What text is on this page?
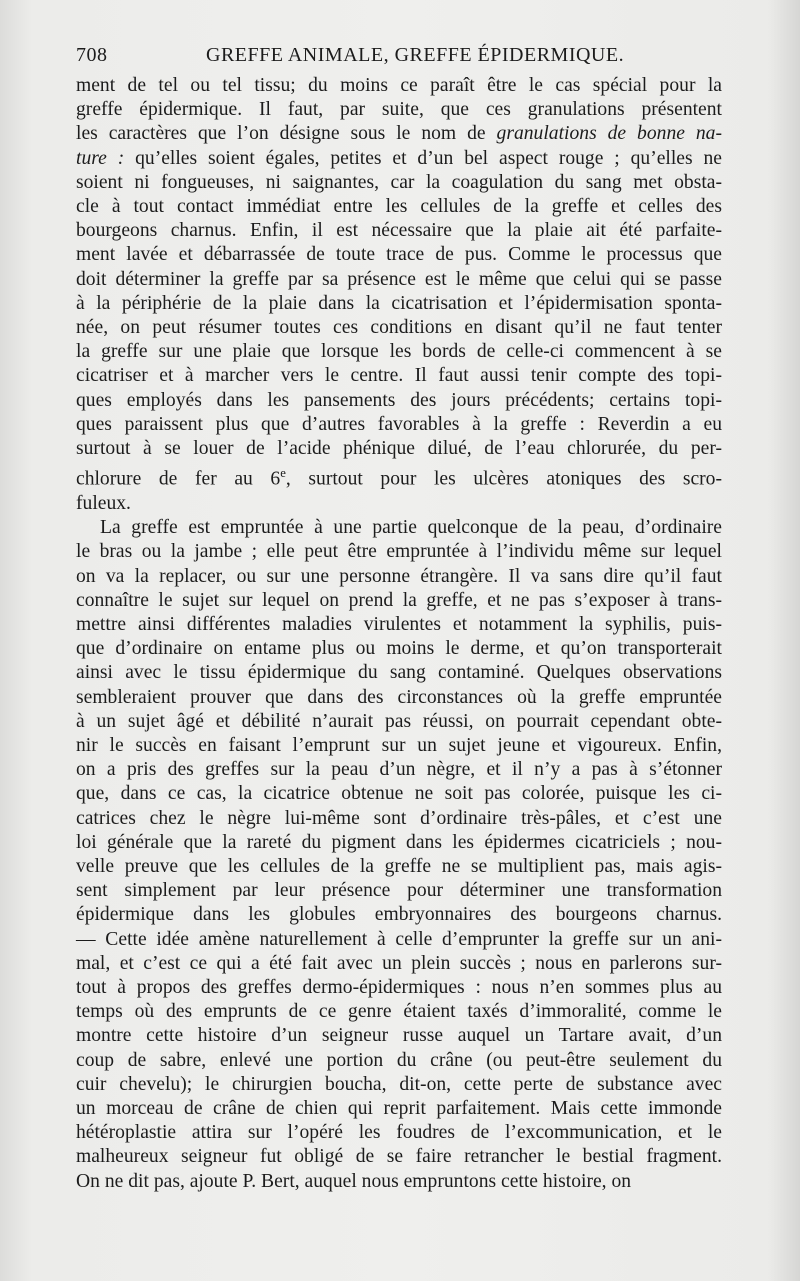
708	GREFFE ANIMALE, GREFFE ÉPIDERMIQUE.

ment de tel ou tel tissu; du moins ce paraît être le cas spécial pour la
greffe épidermique. Il faut, par suite, que ces granulations présentent
les caractères que l’on désigne sous le nom de granulations de bonne na-
ture : qu’elles soient égales, petites et d’un bel aspect rouge ; qu’elles ne
soient ni fongueuses, ni saignantes, car la coagulation du sang met obsta-
cle à tout contact immédiat entre les cellules de la greffe et celles des
bourgeons charnus. Enfin, il est nécessaire que la plaie ait été parfaite-
ment lavée et débarrassée de toute trace de pus. Comme le processus que
doit déterminer la greffe par sa présence est le même que celui qui se passe
à la périphérie de la plaie dans la cicatrisation et l’épidermisation sponta-
née, on peut résumer toutes ces conditions en disant qu’il ne faut tenter
la greffe sur une plaie que lorsque les bords de celle-ci commencent à se
cicatriser et à marcher vers le centre. Il faut aussi tenir compte des topi-
ques employés dans les pansements des jours précédents; certains topi-
ques paraissent plus que d’autres favorables à la greffe : Reverdin a eu
surtout à se louer de l’acide phénique dilué, de l’eau chlorurée, du per-
chlorure de fer au 6e, surtout pour les ulcères atoniques des scro-
fuleux.

La greffe est empruntée à une partie quelconque de la peau, d’ordinaire
le bras ou la jambe ; elle peut être empruntée à l’individu même sur lequel
on va la replacer, ou sur une personne étrangère. Il va sans dire qu’il faut
connaître le sujet sur lequel on prend la greffe, et ne pas s’exposer à trans-
mettre ainsi différentes maladies virulentes et notamment la syphilis, puis-
que d’ordinaire on entame plus ou moins le derme, et qu’on transporterait
ainsi avec le tissu épidermique du sang contaminé. Quelques observations
sembleraient prouver que dans des circonstances où la greffe empruntée
à un sujet âgé et débilité n’aurait pas réussi, on pourrait cependant obte-
nir le succès en faisant l’emprunt sur un sujet jeune et vigoureux. Enfin,
on a pris des greffes sur la peau d’un nègre, et il n’y a pas à s’étonner
que, dans ce cas, la cicatrice obtenue ne soit pas colorée, puisque les ci-
catrices chez le nègre lui-même sont d’ordinaire très-pâles, et c’est une
loi générale que la rareté du pigment dans les épidermes cicatriciels ; nou-
velle preuve que les cellules de la greffe ne se multiplient pas, mais agis-
sent simplement par leur présence pour déterminer une transformation
épidermique dans les globules embryonnaires des bourgeons charnus.
— Cette idée amène naturellement à celle d’emprunter la greffe sur un ani-
mal, et c’est ce qui a été fait avec un plein succès ; nous en parlerons sur-
tout à propos des greffes dermo-épidermiques : nous n’en sommes plus au
temps où des emprunts de ce genre étaient taxés d’immoralité, comme le
montre cette histoire d’un seigneur russe auquel un Tartare avait, d’un
coup de sabre, enlevé une portion du crâne (ou peut-être seulement du
cuir chevelu); le chirurgien boucha, dit-on, cette perte de substance avec
un morceau de crâne de chien qui reprit parfaitement. Mais cette immonde
hétéroplastie attira sur l’opéré les foudres de l’excommunication, et le
malheureux seigneur fut obligé de se faire retrancher le bestial fragment.
On ne dit pas, ajoute P. Bert, auquel nous empruntons cette histoire, on
